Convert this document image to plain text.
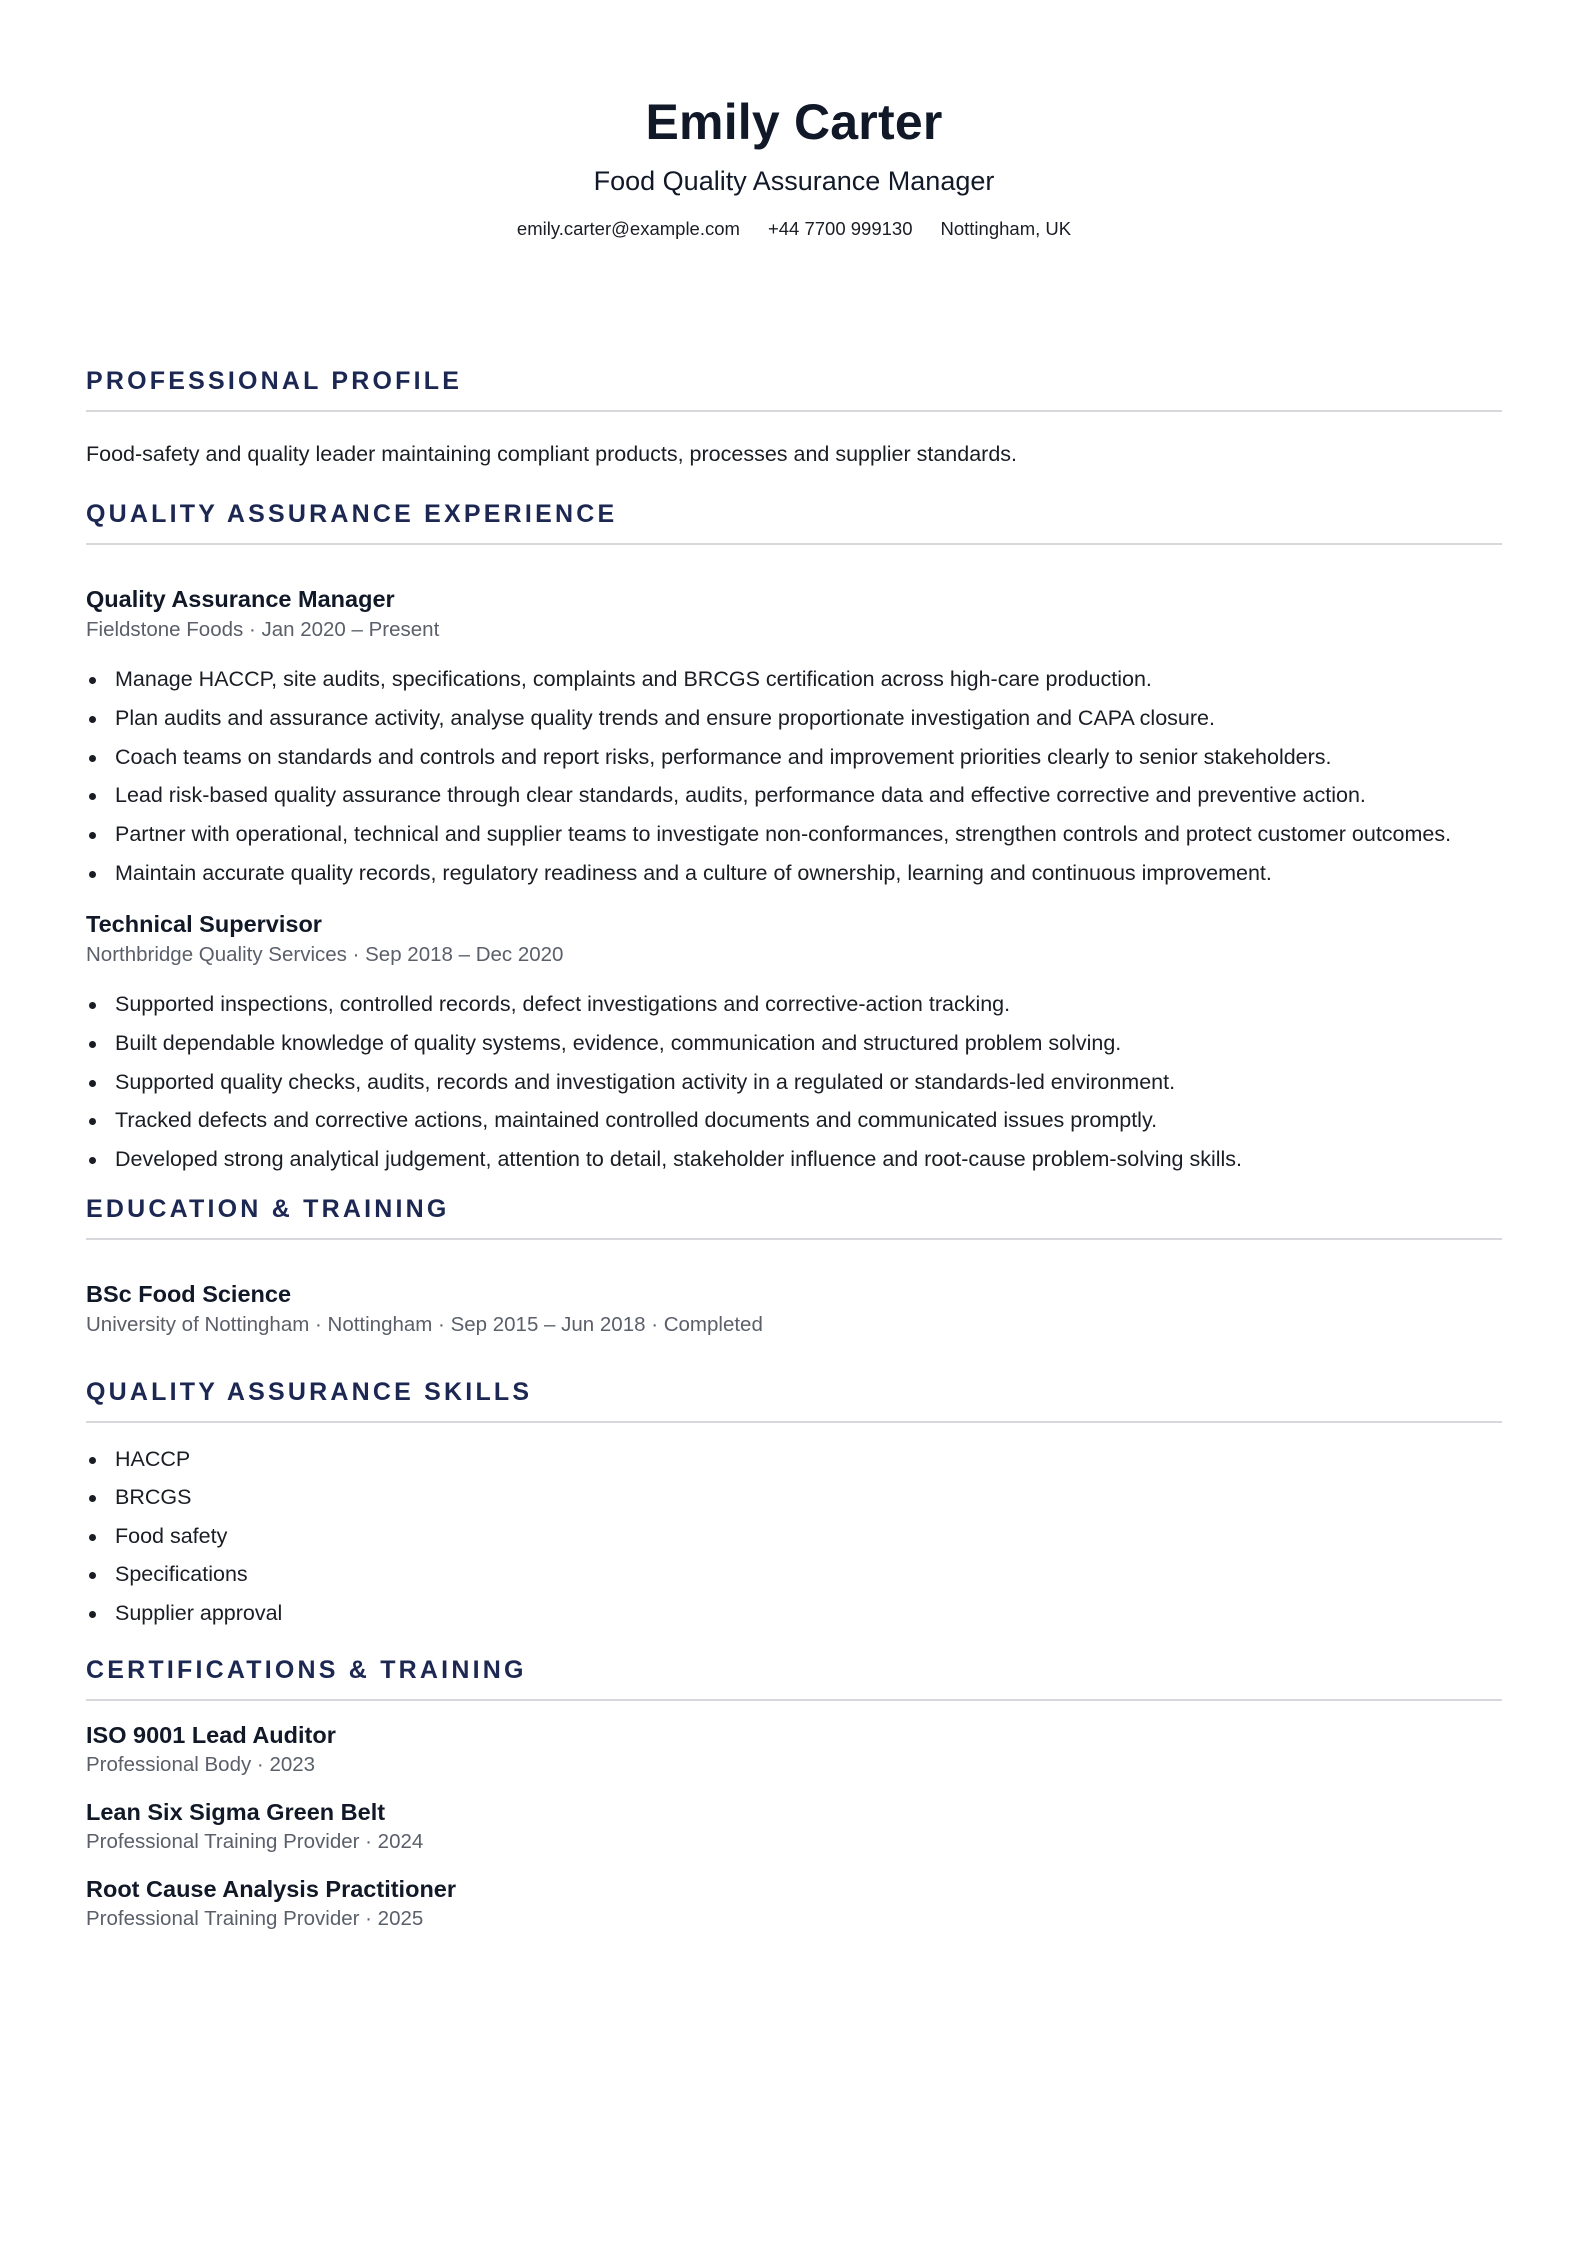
Emily Carter
Food Quality Assurance Manager
emily.carter@example.com +44 7700 999130 Nottingham, UK
PROFESSIONAL PROFILE

Food-safety and quality leader maintaining compliant products, processes and supplier standards.

QUALITY ASSURANCE EXPERIENCE
Quality Assurance Manager
Fieldstone Foods · Jan 2020 – Present
Manage HACCP, site audits, specifications, complaints and BRCGS certification across high-care production.
Plan audits and assurance activity, analyse quality trends and ensure proportionate investigation and CAPA closure.
Coach teams on standards and controls and report risks, performance and improvement priorities clearly to senior stakeholders.
Lead risk-based quality assurance through clear standards, audits, performance data and effective corrective and preventive action.
Partner with operational, technical and supplier teams to investigate non-conformances, strengthen controls and protect customer outcomes.
Maintain accurate quality records, regulatory readiness and a culture of ownership, learning and continuous improvement.
Technical Supervisor
Northbridge Quality Services · Sep 2018 – Dec 2020
Supported inspections, controlled records, defect investigations and corrective-action tracking.
Built dependable knowledge of quality systems, evidence, communication and structured problem solving.
Supported quality checks, audits, records and investigation activity in a regulated or standards-led environment.
Tracked defects and corrective actions, maintained controlled documents and communicated issues promptly.
Developed strong analytical judgement, attention to detail, stakeholder influence and root-cause problem-solving skills.
EDUCATION & TRAINING
BSc Food Science
University of Nottingham · Nottingham · Sep 2015 – Jun 2018 · Completed
QUALITY ASSURANCE SKILLS
HACCP
BRCGS
Food safety
Specifications
Supplier approval
CERTIFICATIONS & TRAINING
ISO 9001 Lead Auditor
Professional Body · 2023
Lean Six Sigma Green Belt
Professional Training Provider · 2024
Root Cause Analysis Practitioner
Professional Training Provider · 2025
